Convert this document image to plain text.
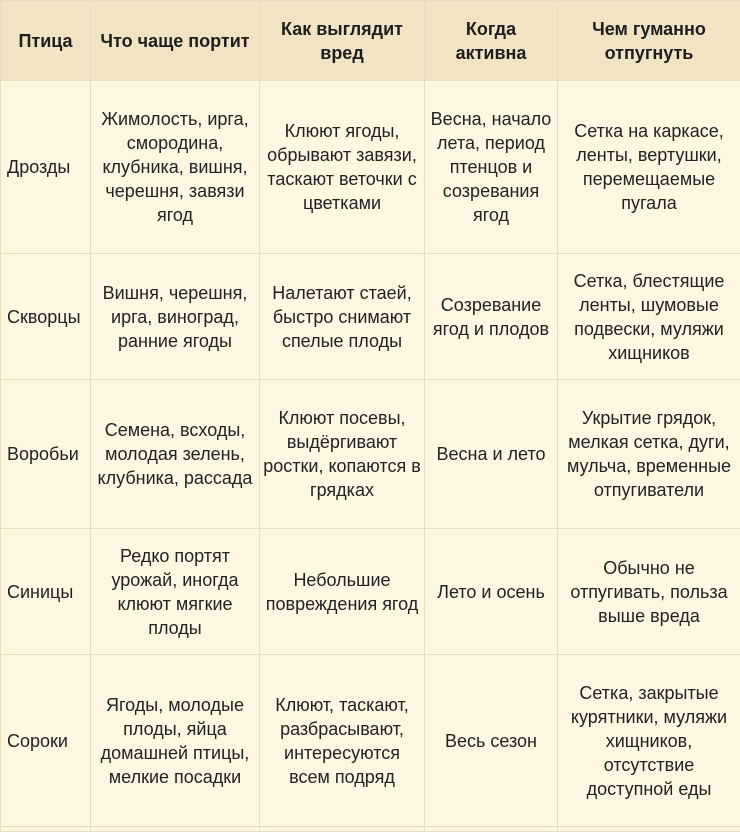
Птица	Что чаще портит	Как выглядит вред	Когда активна	Чем гуманно отпугнуть
Дрозды	Жимолость, ирга, смородина, клубника, вишня, черешня, завязи ягод	Клюют ягоды, обрывают завязи, таскают веточки с цветками	Весна, начало лета, период птенцов и созревания ягод	Сетка на каркасе, ленты, вертушки, перемещаемые пугала
Скворцы	Вишня, черешня, ирга, виноград, ранние ягоды	Налетают стаей, быстро снимают спелые плоды	Созревание ягод и плодов	Сетка, блестящие ленты, шумовые подвески, муляжи хищников
Воробьи	Семена, всходы, молодая зелень, клубника, рассада	Клюют посевы, выдёргивают ростки, копаются в грядках	Весна и лето	Укрытие грядок, мелкая сетка, дуги, мульча, временные отпугиватели
Синицы	Редко портят урожай, иногда клюют мягкие плоды	Небольшие повреждения ягод	Лето и осень	Обычно не отпугивать, польза выше вреда
Сороки	Ягоды, молодые плоды, яйца домашней птицы, мелкие посадки	Клюют, таскают, разбрасывают, интересуются всем подряд	Весь сезон	Сетка, закрытые курятники, муляжи хищников, отсутствие доступной еды
